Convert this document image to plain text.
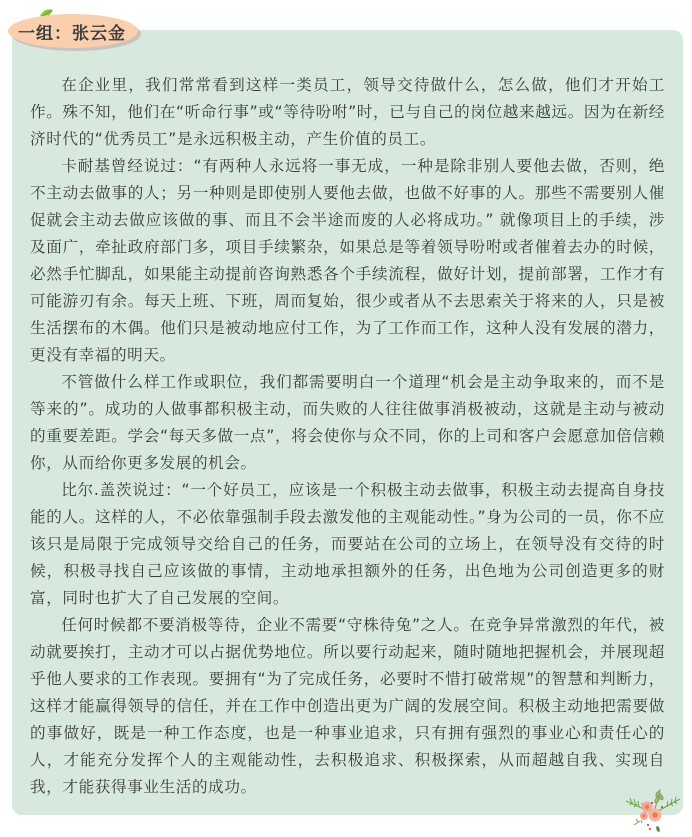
一组：张云金

在企业里，我们常常看到这样一类员工，领导交待做什么，怎么做，他们才开始工作。殊不知，他们在“听命行事”或“等待吩咐”时，已与自己的岗位越来越远。因为在新经济时代的“优秀员工”是永远积极主动，产生价值的员工。

卡耐基曾经说过：“有两种人永远将一事无成，一种是除非别人要他去做，否则，绝不主动去做事的人；另一种则是即使别人要他去做，也做不好事的人。那些不需要别人催促就会主动去做应该做的事、而且不会半途而废的人必将成功。” 就像项目上的手续，涉及面广，牵扯政府部门多，项目手续繁杂，如果总是等着领导吩咐或者催着去办的时候，必然手忙脚乱，如果能主动提前咨询熟悉各个手续流程，做好计划，提前部署，工作才有可能游刃有余。每天上班、下班，周而复始，很少或者从不去思索关于将来的人，只是被生活摆布的木偶。他们只是被动地应付工作，为了工作而工作，这种人没有发展的潜力，更没有幸福的明天。

不管做什么样工作或职位，我们都需要明白一个道理“机会是主动争取来的，而不是等来的”。成功的人做事都积极主动，而失败的人往往做事消极被动，这就是主动与被动的重要差距。学会“每天多做一点”，将会使你与众不同，你的上司和客户会愿意加倍信赖你，从而给你更多发展的机会。

比尔.盖茨说过：“一个好员工，应该是一个积极主动去做事，积极主动去提高自身技能的人。这样的人，不必依靠强制手段去激发他的主观能动性。”身为公司的一员，你不应该只是局限于完成领导交给自己的任务，而要站在公司的立场上，在领导没有交待的时候，积极寻找自己应该做的事情，主动地承担额外的任务，出色地为公司创造更多的财富，同时也扩大了自己发展的空间。

任何时候都不要消极等待，企业不需要“守株待兔”之人。在竞争异常激烈的年代，被动就要挨打，主动才可以占据优势地位。所以要行动起来，随时随地把握机会，并展现超乎他人要求的工作表现。要拥有“为了完成任务，必要时不惜打破常规”的智慧和判断力，这样才能赢得领导的信任，并在工作中创造出更为广阔的发展空间。积极主动地把需要做的事做好，既是一种工作态度，也是一种事业追求，只有拥有强烈的事业心和责任心的人，才能充分发挥个人的主观能动性，去积极追求、积极探索，从而超越自我、实现自我，才能获得事业生活的成功。
